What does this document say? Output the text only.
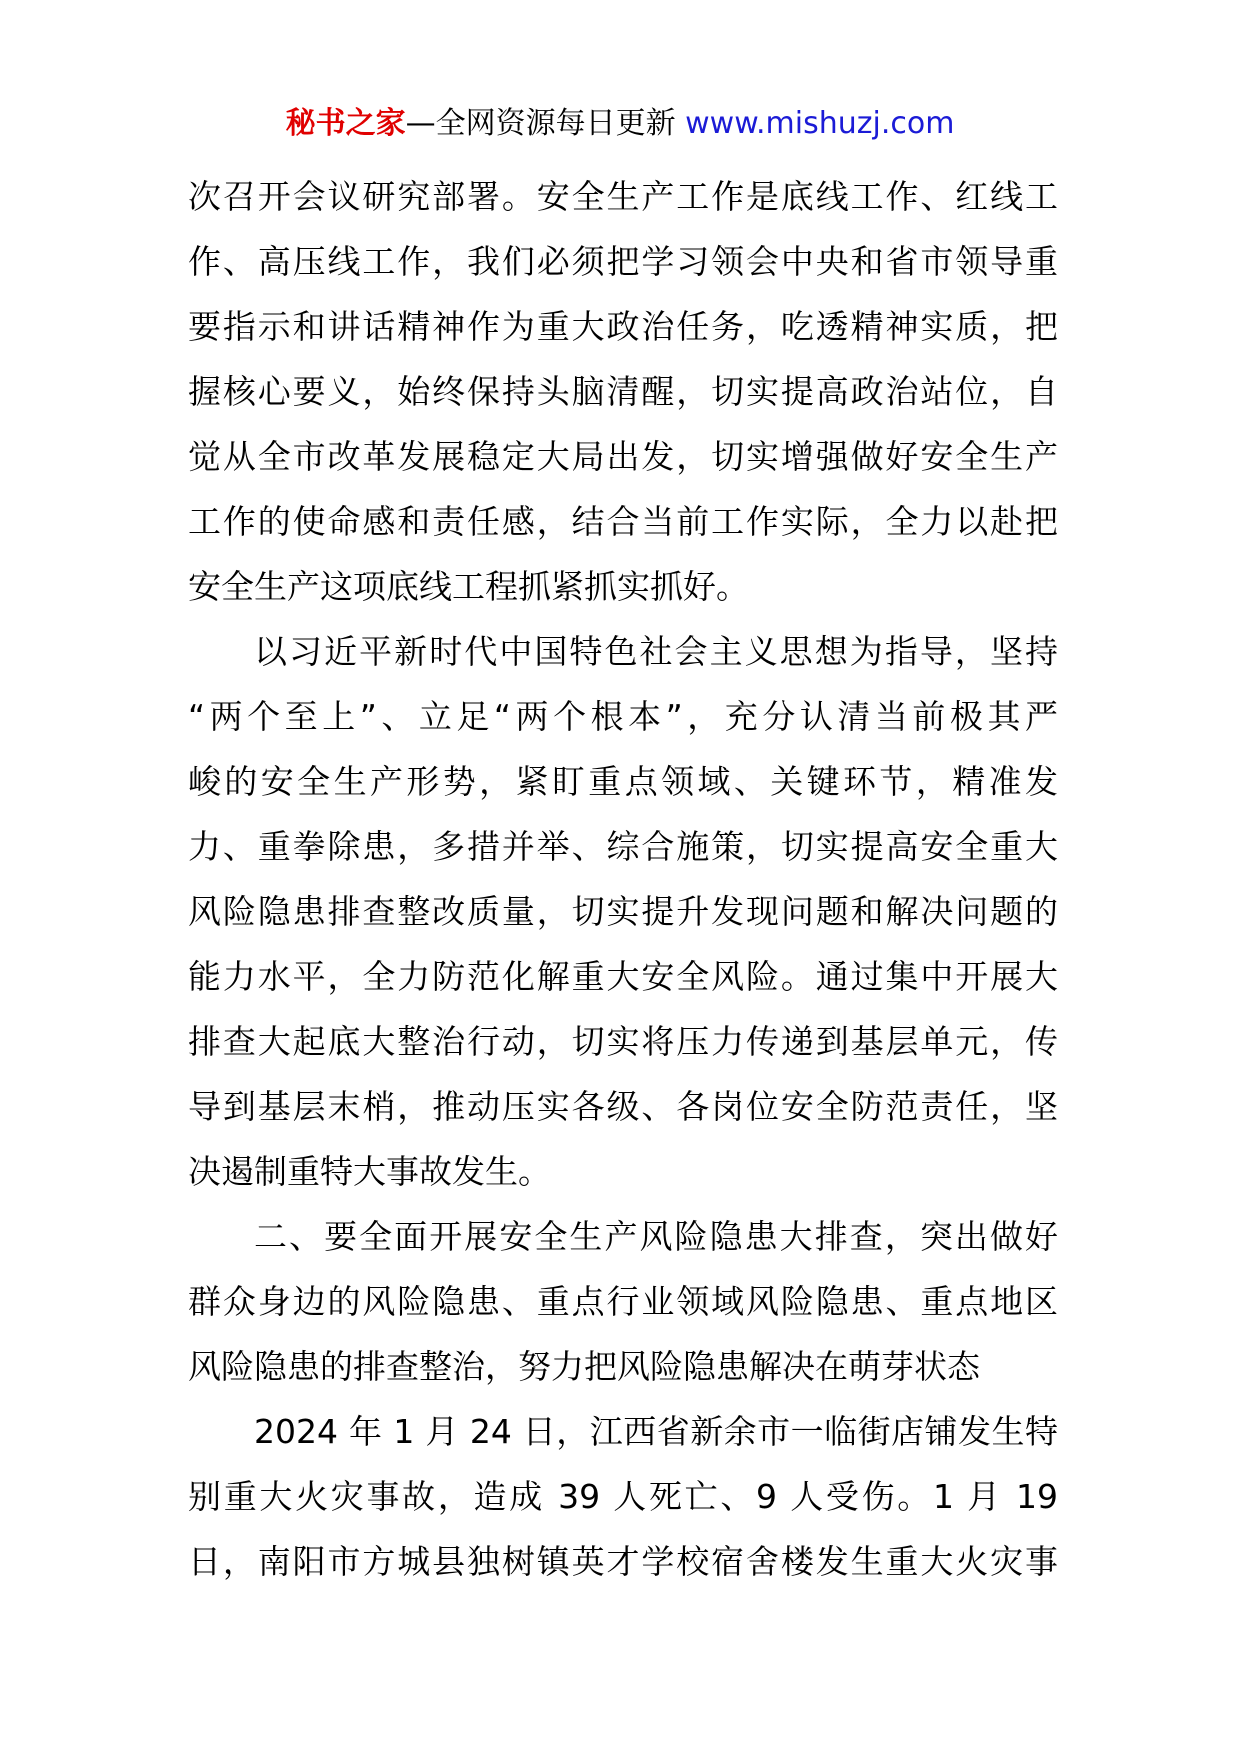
秘书之家—全网资源每日更新 www.mishuzj.com

次召开会议研究部署。安全生产工作是底线工作、红线工
作、高压线工作，我们必须把学习领会中央和省市领导重
要指示和讲话精神作为重大政治任务，吃透精神实质，把
握核心要义，始终保持头脑清醒，切实提高政治站位，自
觉从全市改革发展稳定大局出发，切实增强做好安全生产
工作的使命感和责任感，结合当前工作实际，全力以赴把
安全生产这项底线工程抓紧抓实抓好。

以习近平新时代中国特色社会主义思想为指导，坚持
“两个至上”、立足“两个根本”，充分认清当前极其严
峻的安全生产形势，紧盯重点领域、关键环节，精准发
力、重拳除患，多措并举、综合施策，切实提高安全重大
风险隐患排查整改质量，切实提升发现问题和解决问题的
能力水平，全力防范化解重大安全风险。通过集中开展大
排查大起底大整治行动，切实将压力传递到基层单元，传
导到基层末梢，推动压实各级、各岗位安全防范责任，坚
决遏制重特大事故发生。

二、要全面开展安全生产风险隐患大排查，突出做好
群众身边的风险隐患、重点行业领域风险隐患、重点地区
风险隐患的排查整治，努力把风险隐患解决在萌芽状态

2024 年 1 月 24 日，江西省新余市一临街店铺发生特
别重大火灾事故，造成 39 人死亡、9 人受伤。1 月 19
日，南阳市方城县独树镇英才学校宿舍楼发生重大火灾事
